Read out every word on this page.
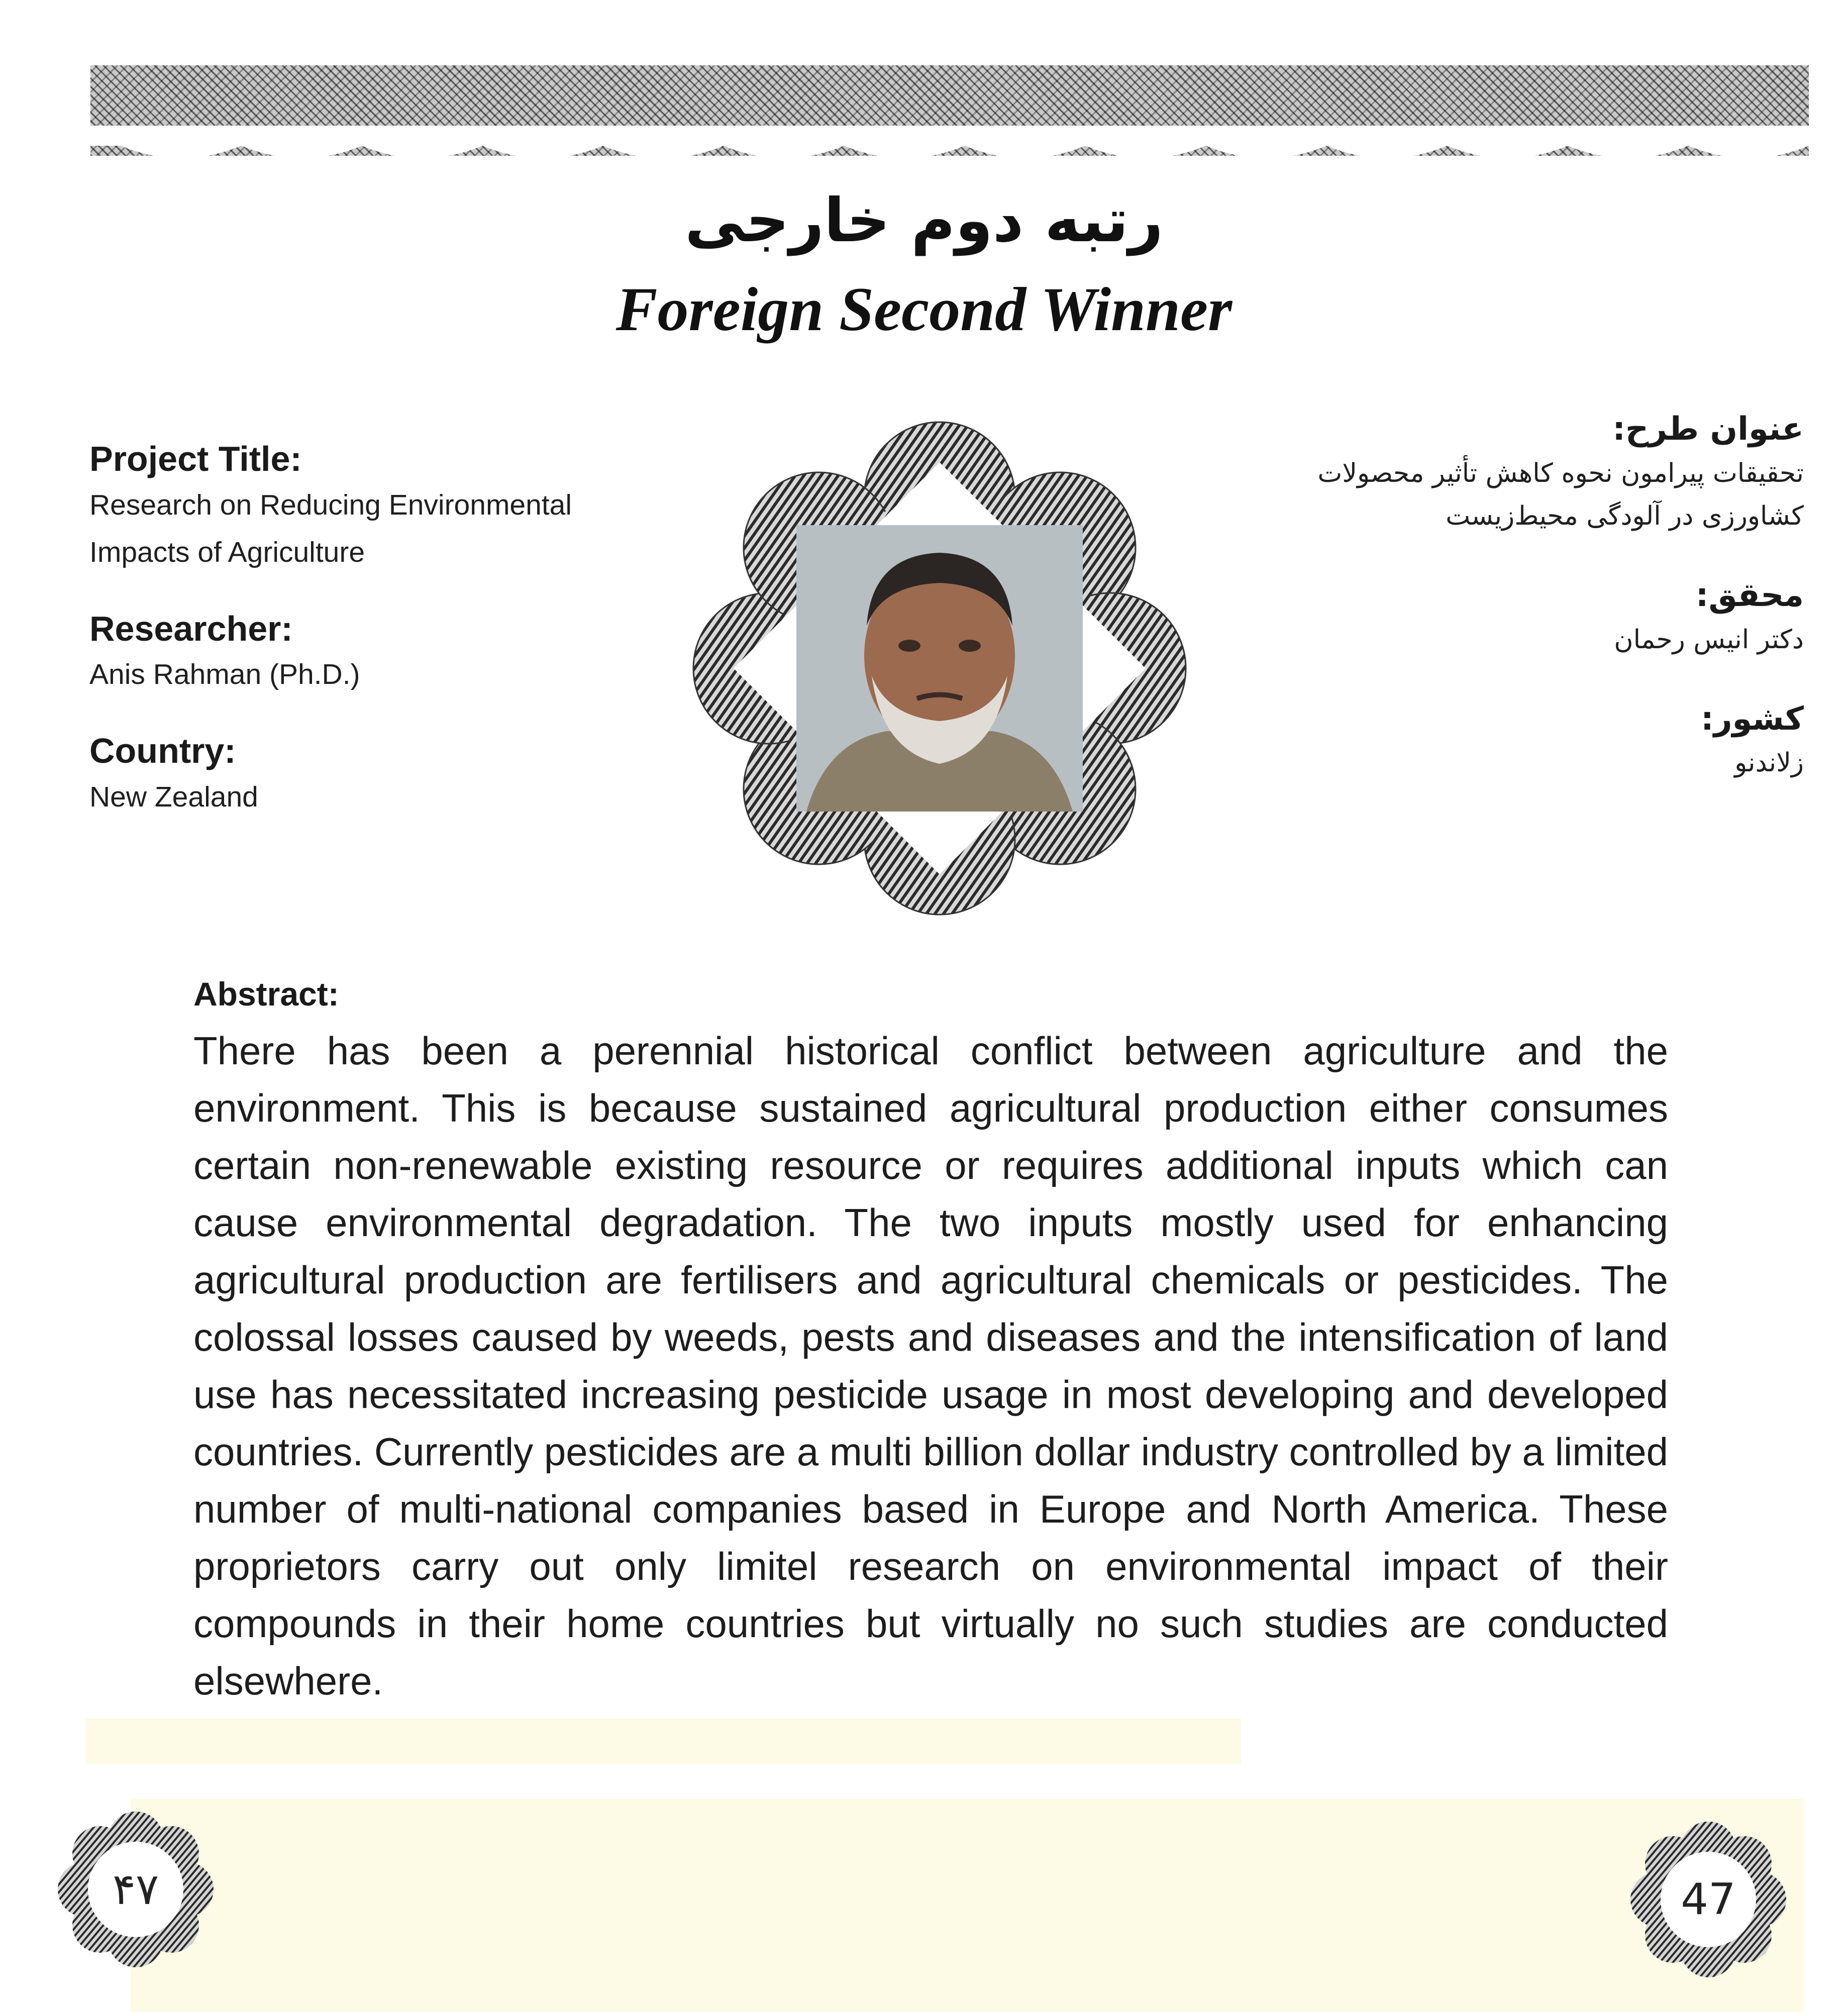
رتبه دوم خارجی
Foreign Second Winner
Project Title:
Research on Reducing Environmental
Impacts of Agriculture
Researcher:
Anis Rahman (Ph.D.)
Country:
New Zealand
عنوان طرح:
تحقیقات پیرامون نحوه کاهش تأثیر محصولات
کشاورزی در آلودگی محیط‌زیست
محقق:
دکتر انیس رحمان
کشور:
زلاندنو
Abstract:

There has been a perennial historical conflict between agriculture and the environment. This is because sustained agricultural production either consumes certain non-renewable existing resource or requires additional inputs which can cause environmental degradation. The two inputs mostly used for enhancing agricultural production are fertilisers and agricultural chemicals or pesticides. The colossal losses caused by weeds, pests and diseases and the intensification of land use has necessitated increasing pesticide usage in most developing and developed countries. Currently pesticides are a multi billion dollar industry controlled by a limited number of multi-national companies based in Europe and North America. These proprietors carry out only limitel research on environmental impact of their compounds in their home countries but virtually no such studies are conducted elsewhere.

۴۷	47
